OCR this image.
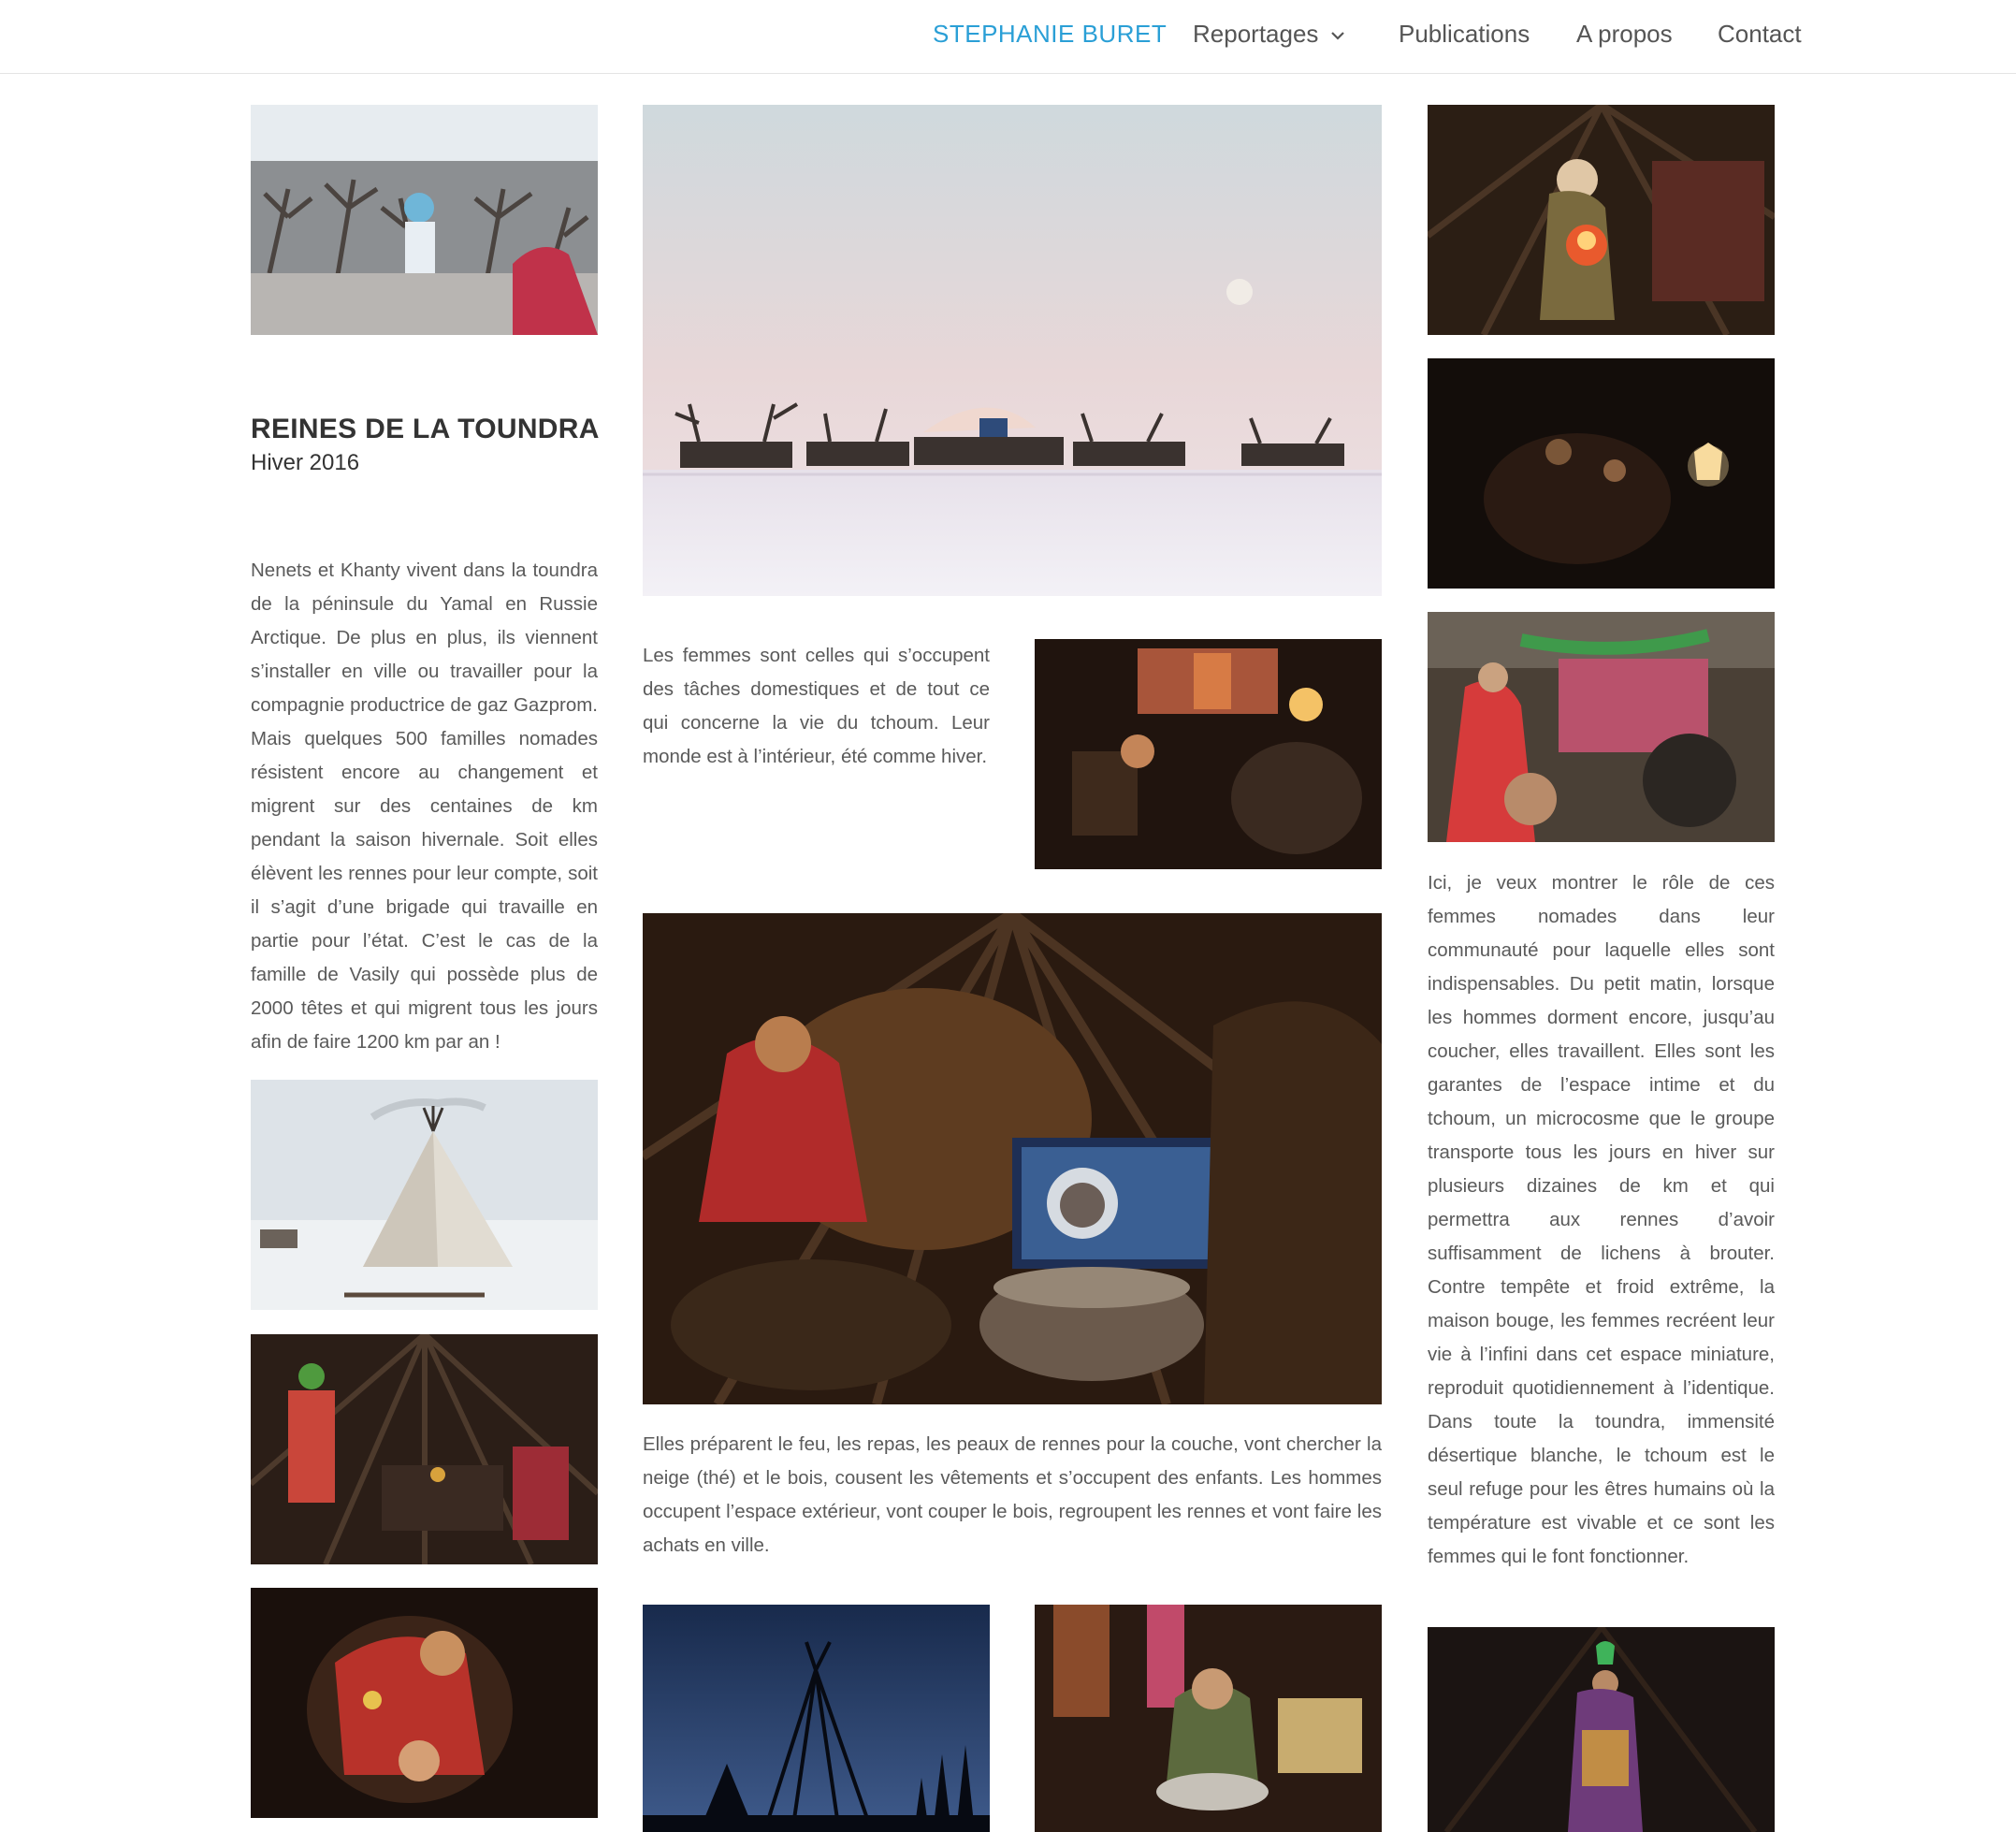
STEPHANIE BURET Reportages	Publications A propos Contact
REINES DE LA TOUNDRA
Hiver 2016

Nenets et Khanty vivent dans la toundra de la péninsule du Yamal en Russie Arctique. De plus en plus, ils viennent s’installer en ville ou travailler pour la compagnie productrice de gaz Gazprom. Mais quelques 500 familles nomades résistent encore au changement et migrent sur des centaines de km pendant la saison hivernale. Soit elles élèvent les rennes pour leur compte, soit il s’agit d’une brigade qui travaille en partie pour l’état. C’est le cas de la famille de Vasily qui possède plus de 2000 têtes et qui migrent tous les jours afin de faire 1200 km par an !

Les femmes sont celles qui s’occupent des tâches domestiques et de tout ce qui concerne la vie du tchoum. Leur monde est à l’intérieur, été comme hiver.

Elles préparent le feu, les repas, les peaux de rennes pour la couche, vont chercher la neige (thé) et le bois, cousent les vêtements et s’occupent des enfants. Les hommes occupent l’espace extérieur, vont couper le bois, regroupent les rennes et vont faire les achats en ville.

Ici, je veux montrer le rôle de ces femmes nomades dans leur communauté pour laquelle elles sont indispensables. Du petit matin, lorsque les hommes dorment encore, jusqu’au coucher, elles travaillent. Elles sont les garantes de l’espace intime et du tchoum, un microcosme que le groupe transporte tous les jours en hiver sur plusieurs dizaines de km et qui permettra aux rennes d’avoir suffisamment de lichens à brouter. Contre tempête et froid extrême, la maison bouge, les femmes recréent leur vie à l’infini dans cet espace miniature, reproduit quotidiennement à l’identique. Dans toute la toundra, immensité désertique blanche, le tchoum est le seul refuge pour les êtres humains où la température est vivable et ce sont les femmes qui le font fonctionner.
